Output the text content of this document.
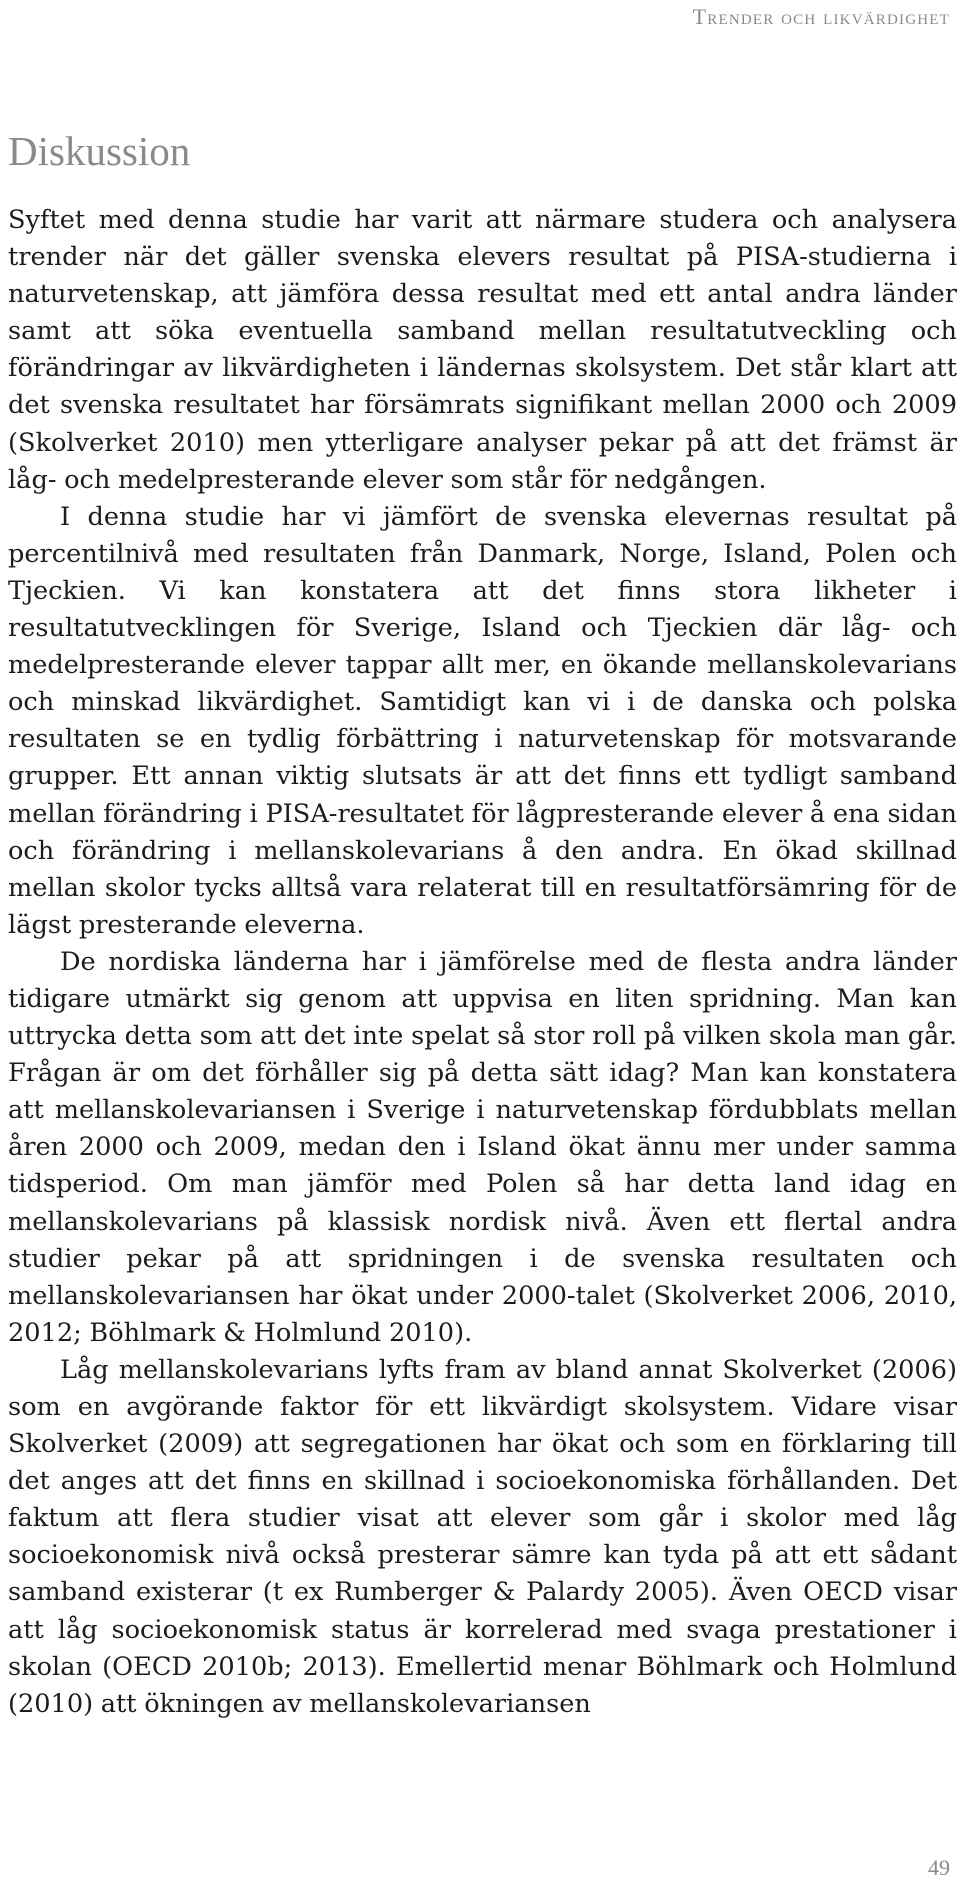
Trender och likvärdighet
Diskussion

Syftet med denna studie har varit att närmare studera och analysera trender när det gäller svenska elevers resultat på PISA-studierna i naturvetenskap, att jämföra dessa resultat med ett antal andra länder samt att söka eventuella samband mellan resultatutveckling och förändringar av likvärdigheten i ländernas skolsystem. Det står klart att det svenska resultatet har försämrats signifikant mellan 2000 och 2009 (Skolverket 2010) men ytterligare analyser pekar på att det främst är låg- och medelpresterande elever som står för nedgången.

I denna studie har vi jämfört de svenska elevernas resultat på percentilnivå med resultaten från Danmark, Norge, Island, Polen och Tjeckien. Vi kan konstatera att det finns stora likheter i resultatutvecklingen för Sverige, Island och Tjeckien där låg- och medelpresterande elever tappar allt mer, en ökande mellanskolevarians och minskad likvärdighet. Samtidigt kan vi i de danska och polska resultaten se en tydlig förbättring i naturvetenskap för motsvarande grupper. Ett annan viktig slutsats är att det finns ett tydligt samband mellan förändring i PISA-resultatet för lågpresterande elever å ena sidan och förändring i mellanskolevarians å den andra. En ökad skillnad mellan skolor tycks alltså vara relaterat till en resultatförsämring för de lägst presterande eleverna.

De nordiska länderna har i jämförelse med de flesta andra länder tidigare utmärkt sig genom att uppvisa en liten spridning. Man kan uttrycka detta som att det inte spelat så stor roll på vilken skola man går. Frågan är om det förhåller sig på detta sätt idag? Man kan konstatera att mellanskolevariansen i Sverige i naturvetenskap fördubblats mellan åren 2000 och 2009, medan den i Island ökat ännu mer under samma tidsperiod. Om man jämför med Polen så har detta land idag en mellanskolevarians på klassisk nordisk nivå. Även ett flertal andra studier pekar på att spridningen i de svenska resultaten och mellanskolevariansen har ökat under 2000-talet (Skolverket 2006, 2010, 2012; Böhlmark & Holmlund 2010).

Låg mellanskolevarians lyfts fram av bland annat Skolverket (2006) som en avgörande faktor för ett likvärdigt skolsystem. Vidare visar Skolverket (2009) att segregationen har ökat och som en förklaring till det anges att det finns en skillnad i socioekonomiska förhållanden. Det faktum att flera studier visat att elever som går i skolor med låg socioekonomisk nivå också presterar sämre kan tyda på att ett sådant samband existerar (t ex Rumberger & Palardy 2005). Även OECD visar att låg socioekonomisk status är korrelerad med svaga prestationer i skolan (OECD 2010b; 2013). Emellertid menar Böhlmark och Holmlund (2010) att ökningen av mellanskolevariansen

49
